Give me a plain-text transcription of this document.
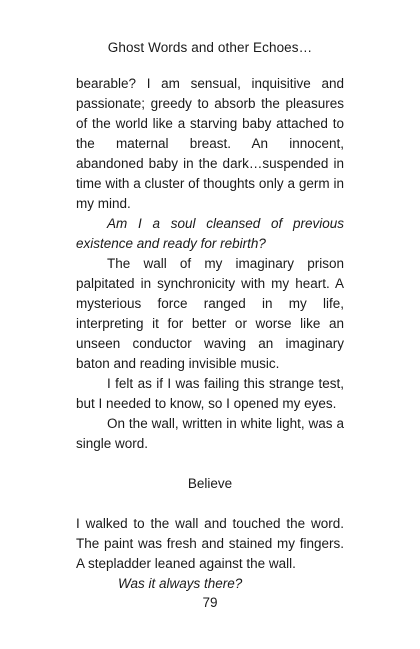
Ghost Words and other Echoes…

bearable? I am sensual, inquisitive and passionate; greedy to absorb the pleasures of the world like a starving baby attached to the maternal breast. An innocent, abandoned baby in the dark…suspended in time with a cluster of thoughts only a germ in my mind.

Am I a soul cleansed of previous existence and ready for rebirth?

The wall of my imaginary prison palpitated in synchronicity with my heart. A mysterious force ranged in my life, interpreting it for better or worse like an unseen conductor waving an imaginary baton and reading invisible music.

I felt as if I was failing this strange test, but I needed to know, so I opened my eyes.

On the wall, written in white light, was a single word.

Believe

I walked to the wall and touched the word. The paint was fresh and stained my fingers. A stepladder leaned against the wall.

Was it always there?

79
